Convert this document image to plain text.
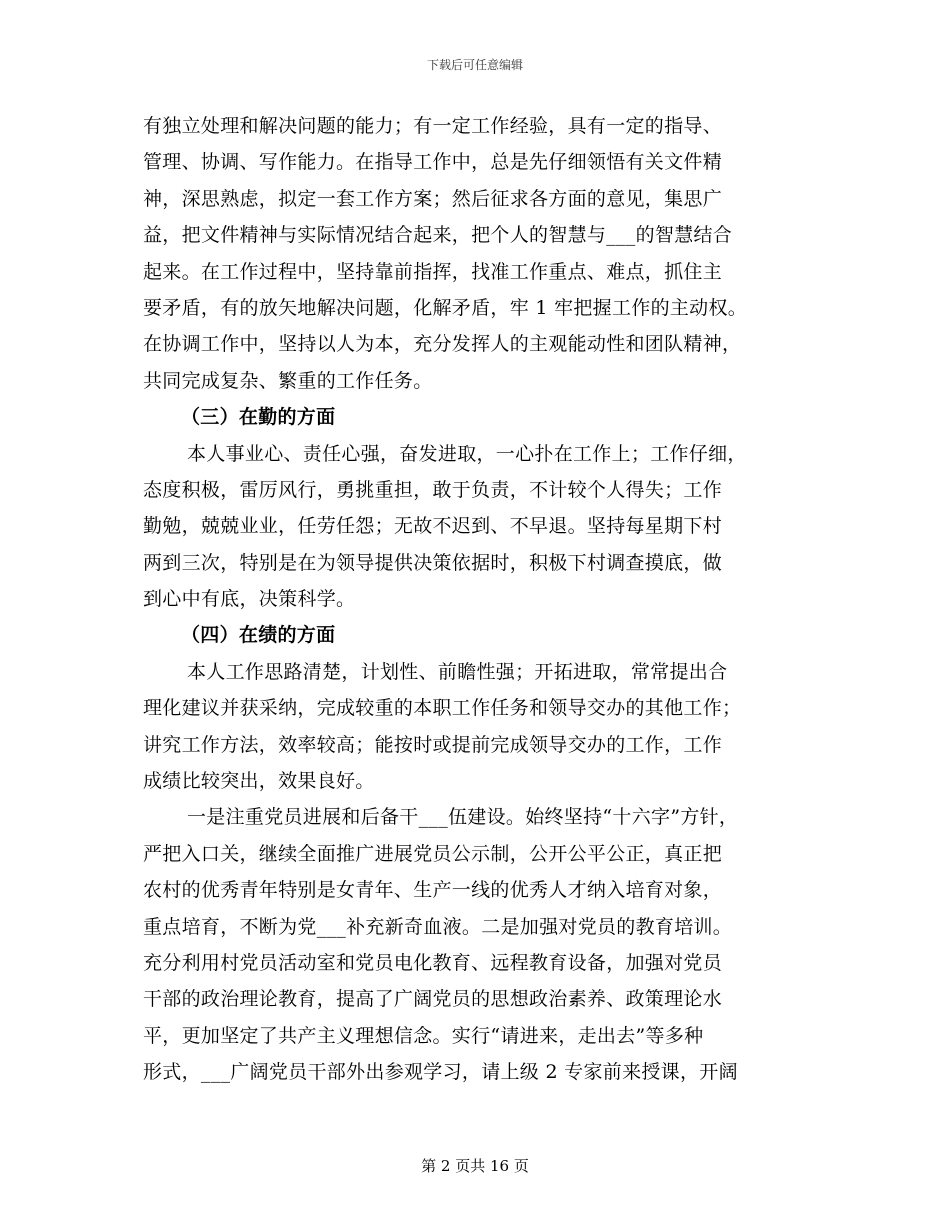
下载后可任意编辑
有独立处理和解决问题的能力；有一定工作经验，具有一定的指导、
管理、协调、写作能力。在指导工作中，总是先仔细领悟有关文件精
神，深思熟虑，拟定一套工作方案；然后征求各方面的意见，集思广
益，把文件精神与实际情况结合起来，把个人的智慧与___的智慧结合
起来。在工作过程中，坚持靠前指挥，找准工作重点、难点，抓住主
要矛盾，有的放矢地解决问题，化解矛盾，牢 1 牢把握工作的主动权。
在协调工作中，坚持以人为本，充分发挥人的主观能动性和团队精神，
共同完成复杂、繁重的工作任务。
（三）在勤的方面
本人事业心、责任心强，奋发进取，一心扑在工作上；工作仔细，
态度积极，雷厉风行，勇挑重担，敢于负责，不计较个人得失；工作
勤勉，兢兢业业，任劳任怨；无故不迟到、不早退。坚持每星期下村
两到三次，特别是在为领导提供决策依据时，积极下村调查摸底，做
到心中有底，决策科学。
（四）在绩的方面
本人工作思路清楚，计划性、前瞻性强；开拓进取，常常提出合
理化建议并获采纳，完成较重的本职工作任务和领导交办的其他工作；
讲究工作方法，效率较高；能按时或提前完成领导交办的工作，工作
成绩比较突出，效果良好。
一是注重党员进展和后备干___伍建设。始终坚持“十六字”方针，
严把入口关，继续全面推广进展党员公示制，公开公平公正，真正把
农村的优秀青年特别是女青年、生产一线的优秀人才纳入培育对象，
重点培育，不断为党___补充新奇血液。二是加强对党员的教育培训。
充分利用村党员活动室和党员电化教育、远程教育设备，加强对党员
干部的政治理论教育，提高了广阔党员的思想政治素养、政策理论水
平，更加坚定了共产主义理想信念。实行“请进来，走出去”等多种
形式，___广阔党员干部外出参观学习，请上级 2 专家前来授课，开阔
第 2 页共 16 页
